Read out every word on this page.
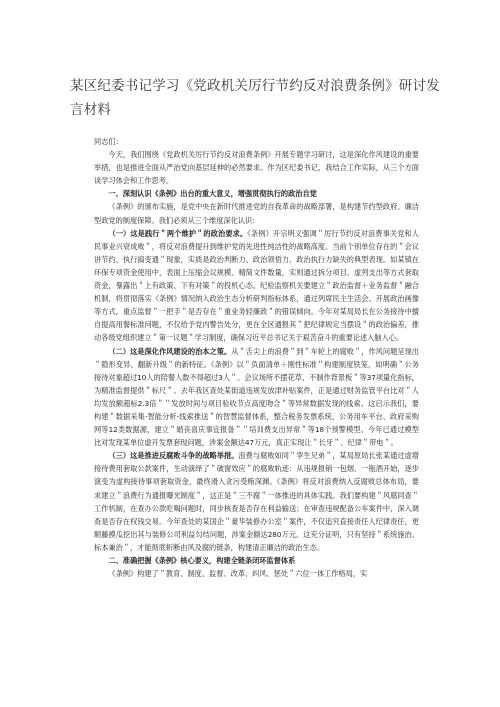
某区纪委书记学习《党政机关厉行节约反对浪费条例》研讨发言材料

同志们：

今天，我们围绕《党政机关厉行节约反对浪费条例》开展专题学习研讨，这是深化作风建设的重要举措，也是推进全面从严治党向基层延伸的必然要求。作为区纪委书记，我结合工作实际，从三个方面谈学习体会和工作思考。

一、深刻认识《条例》出台的重大意义，增强贯彻执行的政治自觉

《条例》的颁布实施，是党中央在新时代推进党的自我革命的战略部署，是构建节约型政府、廉洁型政党的制度保障。我们必须从三个维度深化认识：

（一）这是践行＂两个维护＂的政治要求。《条例》开宗明义强调＂厉行节约反对浪费事关党和人民事业兴衰成败＂，将反对浪费提升到维护党的先进性纯洁性的战略高度。当前个别单位存在的＂会议讲节约、执行搞变通＂现象，实质是政治判断力、政治领悟力、政治执行力缺失的典型表现。如某镇在环保专项资金使用中，表面上压缩会议规模、精简文件数量，实则通过拆分项目、虚列支出等方式套取资金，暴露出＂上有政策、下有对策＂的投机心态。纪检监察机关要建立＂政治监督＋业务监督＂融合机制，将贯彻落实《条例》情况纳入政治生态分析研判指标体系，通过列席民主生活会、开展政治画像等方式，重点监督＂一把手＂是否存在＂重业务轻廉政＂的错误倾向。今年对某局局长在公务接待中擅自提高用餐标准问题，不仅给予党内警告处分，更在全区通报其＂把纪律规定当摆设＂的政治偏差，推动各级党组织建立＂第一议题＂学习制度，确保习近平总书记关于艰苦奋斗的重要论述入脑入心。

（二）这是深化作风建设的治本之策。从＂舌尖上的浪费＂到＂车轮上的腐败＂，作风问题呈现出＂隐形变异、翻新升级＂的新特征。《条例》以＂负面清单＋刚性标准＂构建制度铁笼，如明确＂公务接待对象超过10人的陪餐人数不得超过3人＂。会议场所不摆花草、不制作背景板＂等37项量化指标，为精准监督提供＂标尺＂。去年我区查处某街道违规发放津补贴案件，正是通过财务监管平台比对＂人均发放额超标2.3倍＂＂发放时间与项目验收节点高度吻合＂等异常数据发现的线索。这启示我们，要构建＂数据采集-智能分析-线索推送＂的智慧监督体系，整合税务发票系统、公务用车平台、政府采购网等12类数据源，建立＂婚丧喜庆事宜报备＂＂培训费支出异常＂等18个预警模型。今年已通过模型比对发现某单位虚开发票套现问题，涉案金额达47万元，真正实现让＂长牙＂、纪律＂带电＂。

（三）这是推进反腐败斗争的战略举措。浪费与腐败如同＂孪生兄弟＂，某局原局长张某通过虚增接待费用套取公款案件，生动演绎了＂破窗效应＂的腐败轨迹：从违规报销一包烟、一瓶酒开始，逐步演变为虚构接待事项套取资金，最终滑入贪污受贿深渊。《条例》将反对浪费纳入反腐败总体布局，要求建立＂浪费行为通报曝光制度＂，这正是＂三不腐＂一体推进的具体实践。我们要构建＂风腐同查＂工作机制，在查办公款吃喝问题时，同步核查是否存在利益输送；在审查违规配备公车案件中，深入调查是否存在权钱交易。今年查处的某国企＂豪华装修办公室＂案件，不仅追究直接责任人纪律责任，更顺藤摸瓜挖出其与装修公司利益勾结问题，涉案金额达280万元。这充分证明，只有坚持＂系统施治、标本兼治＂，才能彻底斩断由风及腐的链条，构建清正廉洁的政治生态。

二、准确把握《条例》核心要义，构建全链条闭环监督体系

《条例》构建了＂教育、制度、监督、改革、纠风、惩处＂六位一体工作格局，实
